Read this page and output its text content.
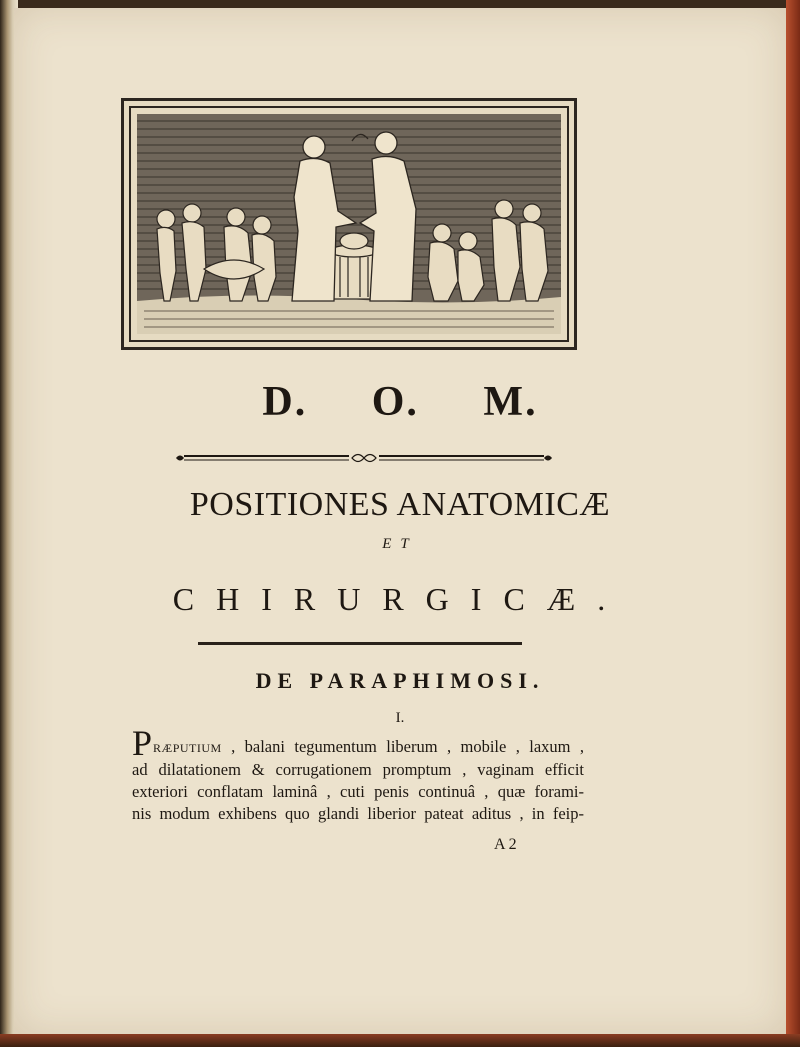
D. O. M.
POSITIONES ANATOMICÆ
ET
CHIRURGICÆ.
DE PARAPHIMOSI.
I.
PRÆPUTIUM , balani tegumentum liberum , mobile , laxum ,
ad dilatationem & corrugationem promptum , vaginam efficit
exteriori conflatam laminâ , cuti penis continuâ , quæ forami-
nis modum exhibens quo glandi liberior pateat aditus , in feip-
A 2
